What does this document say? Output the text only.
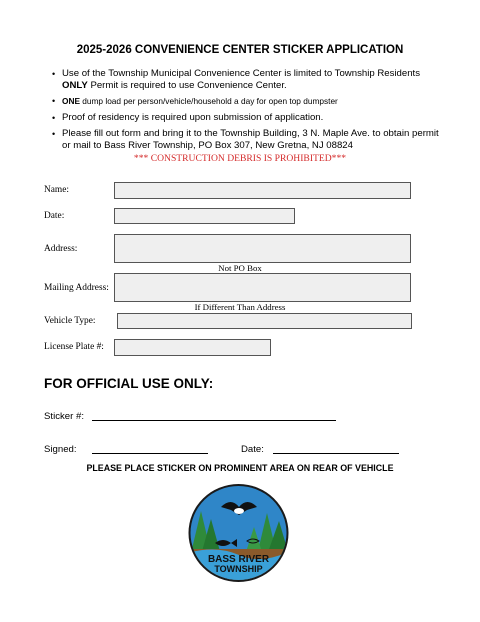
2025-2026 CONVENIENCE CENTER STICKER APPLICATION
• Use of the Township Municipal Convenience Center is limited to Township Residents
ONLY Permit is required to use Convenience Center.
• ONE dump load per person/vehicle/household a day for open top dumpster
• Proof of residency is required upon submission of application.
• Please fill out form and bring it to the Township Building, 3 N. Maple Ave. to obtain permit
or mail to Bass River Township, PO Box 307, New Gretna, NJ 08824
*** CONSTRUCTION DEBRIS IS PROHIBITED***
Name:
Date:
Address:
Not PO Box
Mailing Address:
If Different Than Address
Vehicle Type:
License Plate #:
FOR OFFICIAL USE ONLY:
Sticker #:
Signed:	Date:
PLEASE PLACE STICKER ON PROMINENT AREA ON REAR OF VEHICLE
BASS RIVER
TOWNSHIP
